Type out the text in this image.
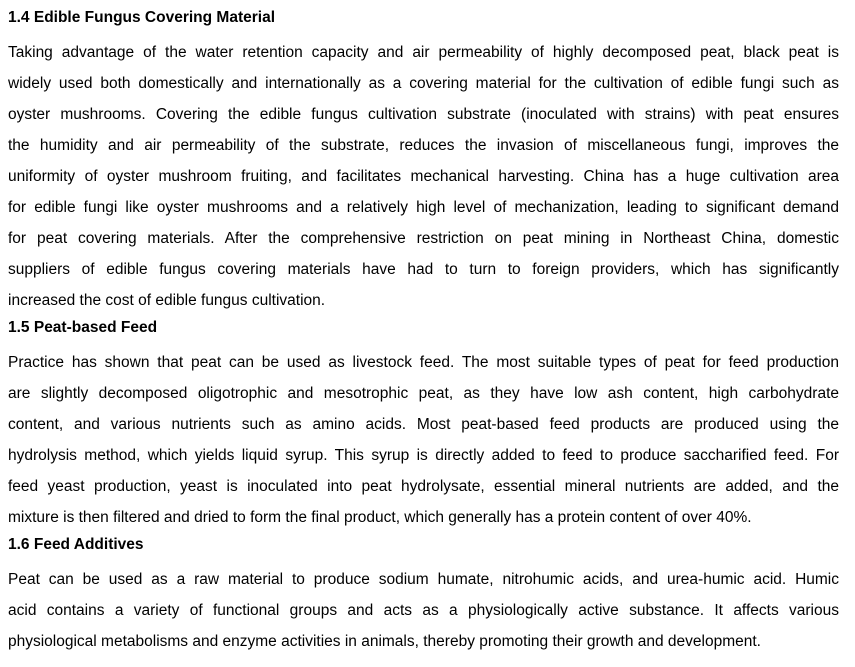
1.4 Edible Fungus Covering Material
Taking advantage of the water retention capacity and air permeability of highly decomposed peat, black peat is
widely used both domestically and internationally as a covering material for the cultivation of edible fungi such as
oyster mushrooms. Covering the edible fungus cultivation substrate (inoculated with strains) with peat ensures
the humidity and air permeability of the substrate, reduces the invasion of miscellaneous fungi, improves the
uniformity of oyster mushroom fruiting, and facilitates mechanical harvesting. China has a huge cultivation area
for edible fungi like oyster mushrooms and a relatively high level of mechanization, leading to significant demand
for peat covering materials. After the comprehensive restriction on peat mining in Northeast China, domestic
suppliers of edible fungus covering materials have had to turn to foreign providers, which has significantly
increased the cost of edible fungus cultivation.
1.5 Peat-based Feed
Practice has shown that peat can be used as livestock feed. The most suitable types of peat for feed production
are slightly decomposed oligotrophic and mesotrophic peat, as they have low ash content, high carbohydrate
content, and various nutrients such as amino acids. Most peat-based feed products are produced using the
hydrolysis method, which yields liquid syrup. This syrup is directly added to feed to produce saccharified feed. For
feed yeast production, yeast is inoculated into peat hydrolysate, essential mineral nutrients are added, and the
mixture is then filtered and dried to form the final product, which generally has a protein content of over 40%.
1.6 Feed Additives
Peat can be used as a raw material to produce sodium humate, nitrohumic acids, and urea-humic acid. Humic
acid contains a variety of functional groups and acts as a physiologically active substance. It affects various
physiological metabolisms and enzyme activities in animals, thereby promoting their growth and development.
